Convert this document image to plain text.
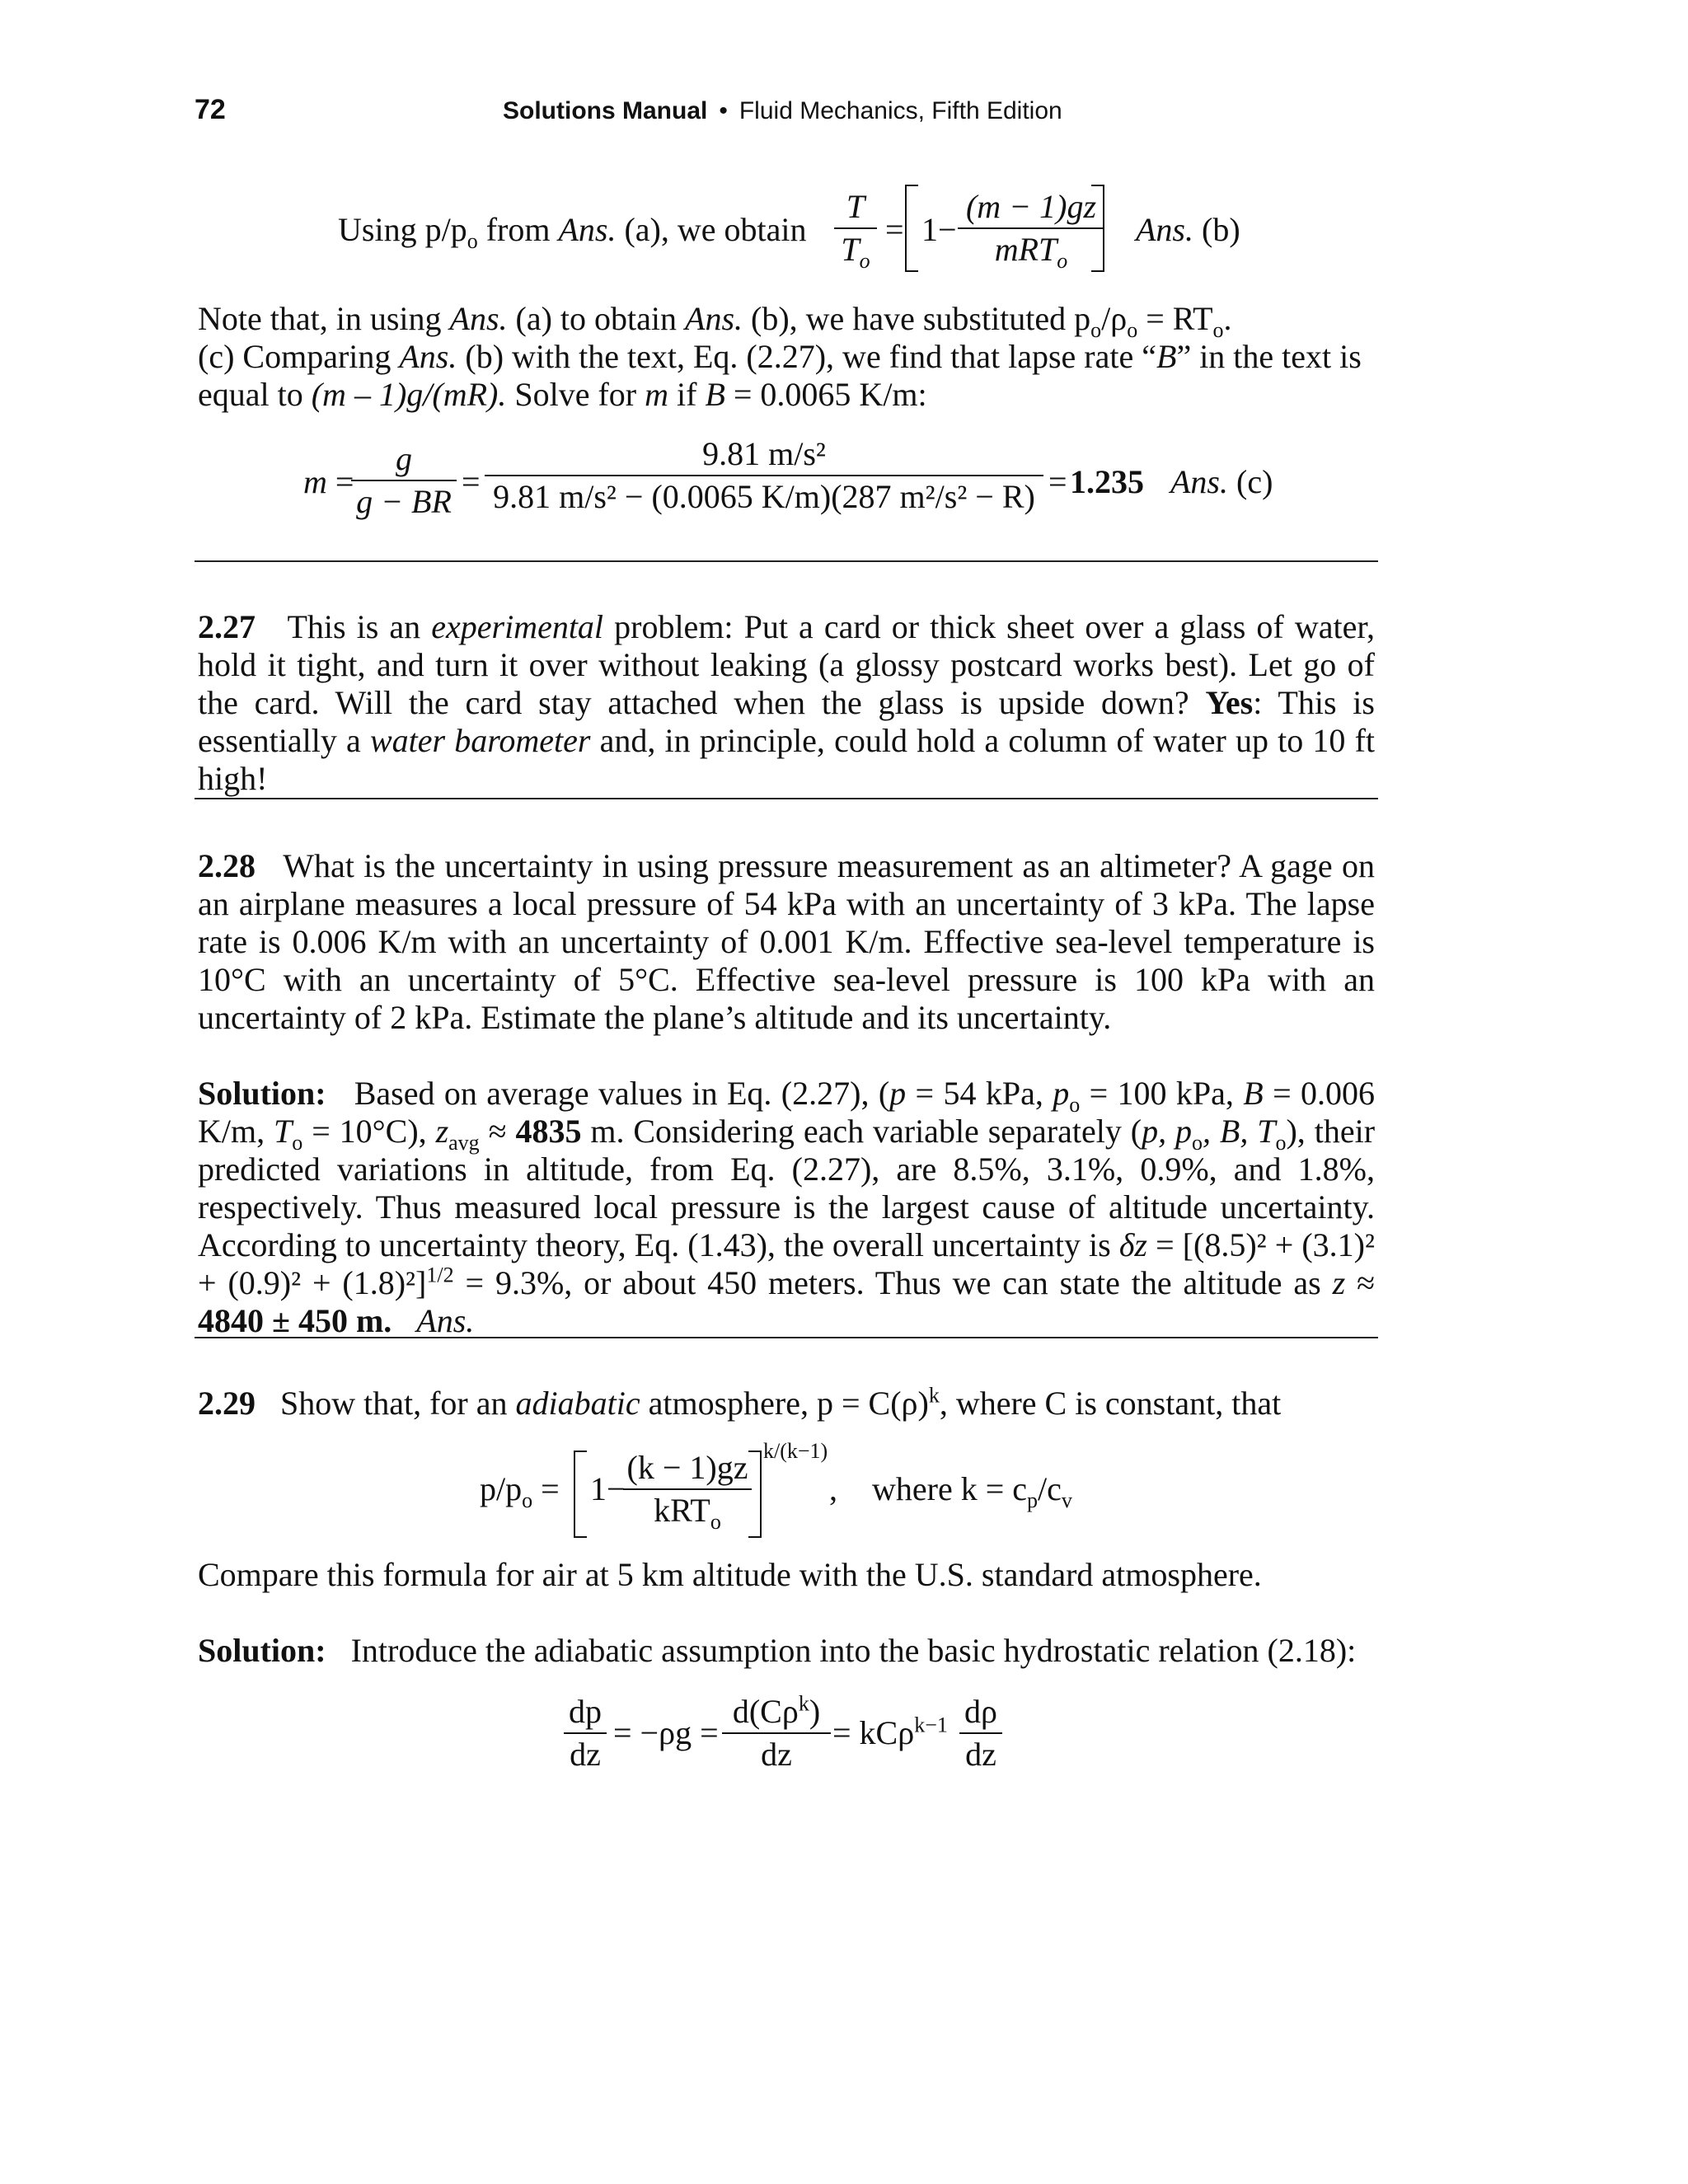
72	Solutions Manual • Fluid Mechanics, Fifth Edition
Using $p/p_o$ from Ans. (a), we obtain $\frac{T}{T_o} = 1-$
(m − 1)gz
mRT$_o$
Ans. (b)
Note that, in using Ans. (a) to obtain Ans. (b), we have substituted $p_o/\rho_o = RT_o$.
(c) Comparing Ans. (b) with the text, Eq. (2.27), we find that lapse rate “B” in the text is
equal to (m – 1)g/(mR). Solve for m if B = 0.0065 K/m:
m =
$\frac{g}{g - BR} = \frac{\text{9.81 m/s²}}{\text{9.81 m/s² − (0.0065 K/m)(287 m²/s² − R)}} = 1.235$ Ans. (c)
2.27 This is an experimental problem: Put a card or thick sheet over a glass of water, hold it tight, and turn it over without leaking (a glossy postcard works best). Let go of the card. Will the card stay attached when the glass is upside down? Yes: This is essentially a water barometer and, in principle, could hold a column of water up to 10 ft high!
2.28 What is the uncertainty in using pressure measurement as an altimeter? A gage on an airplane measures a local pressure of 54 kPa with an uncertainty of 3 kPa. The lapse rate is 0.006 K/m with an uncertainty of 0.001 K/m. Effective sea-level temperature is 10°C with an uncertainty of 5°C. Effective sea-level pressure is 100 kPa with an uncertainty of 2 kPa. Estimate the plane’s altitude and its uncertainty.
Solution: Based on average values in Eq. (2.27), (p = 54 kPa, $p_o = 100$ kPa, B = 0.006 K/m, $T_o = 10^\circ C$), $z_{avg} \approx 4835$ m. Considering each variable separately (p, $p_o$, B, $T_o$), their predicted variations in altitude, from Eq. (2.27), are 8.5%, 3.1%, 0.9%, and 1.8%, respectively. Thus measured local pressure is the largest cause of altitude uncertainty. According to uncertainty theory, Eq. (1.43), the overall uncertainty is $\delta z = [(8.5)^2 + (3.1)^2 + (0.9)^2 + (1.8)^2]^{1/2} = 9.3\%$, or about 450 meters. Thus we can state the altitude as z ≈ 4840 ± 450 m. Ans.
2.29 Show that, for an adiabatic atmosphere, $p = C(\rho)^k$, where C is constant, that
$p/p_o = 1-$
(k − 1)gz
kRT$_o$
k/(k−1)
, where $k = c_p/c_v$
Compare this formula for air at 5 km altitude with the U.S. standard atmosphere.
Solution: Introduce the adiabatic assumption into the basic hydrostatic relation (2.18):
$\frac{dp}{dz} = -\rho g$ =
$d(C\rho^k)$
dz
= $kC\rho^{k-1} \frac{d\rho}{dz}$
